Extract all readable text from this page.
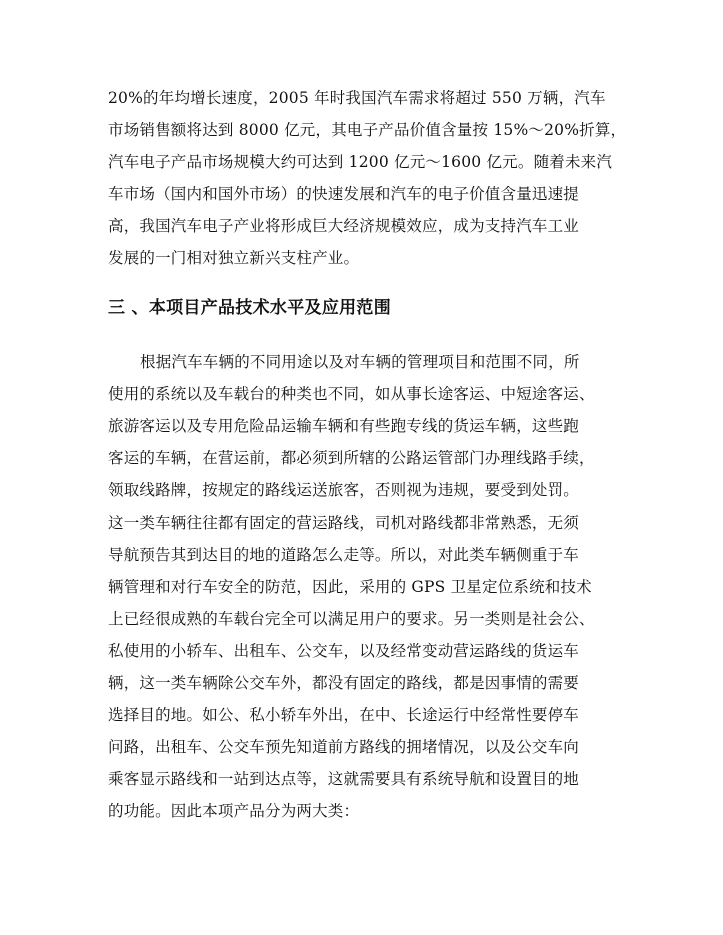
20%的年均增长速度，2005 年时我国汽车需求将超过 550 万辆，汽车
市场销售额将达到 8000 亿元，其电子产品价值含量按 15%～20%折算，
汽车电子产品市场规模大约可达到 1200 亿元～1600 亿元。随着未来汽
车市场（国内和国外市场）的快速发展和汽车的电子价值含量迅速提
高，我国汽车电子产业将形成巨大经济规模效应，成为支持汽车工业
发展的一门相对独立新兴支柱产业。
三 、本项目产品技术水平及应用范围
根据汽车车辆的不同用途以及对车辆的管理项目和范围不同，所
使用的系统以及车载台的种类也不同，如从事长途客运、中短途客运、
旅游客运以及专用危险品运输车辆和有些跑专线的货运车辆，这些跑
客运的车辆，在营运前，都必须到所辖的公路运管部门办理线路手续，
领取线路牌，按规定的路线运送旅客，否则视为违规，要受到处罚。
这一类车辆往往都有固定的营运路线，司机对路线都非常熟悉，无须
导航预告其到达目的地的道路怎么走等。所以，对此类车辆侧重于车
辆管理和对行车安全的防范，因此，采用的 GPS 卫星定位系统和技术
上已经很成熟的车载台完全可以满足用户的要求。另一类则是社会公、
私使用的小轿车、出租车、公交车，以及经常变动营运路线的货运车
辆，这一类车辆除公交车外，都没有固定的路线，都是因事情的需要
选择目的地。如公、私小轿车外出，在中、长途运行中经常性要停车
问路，出租车、公交车预先知道前方路线的拥堵情况，以及公交车向
乘客显示路线和一站到达点等，这就需要具有系统导航和设置目的地
的功能。因此本项产品分为两大类：
